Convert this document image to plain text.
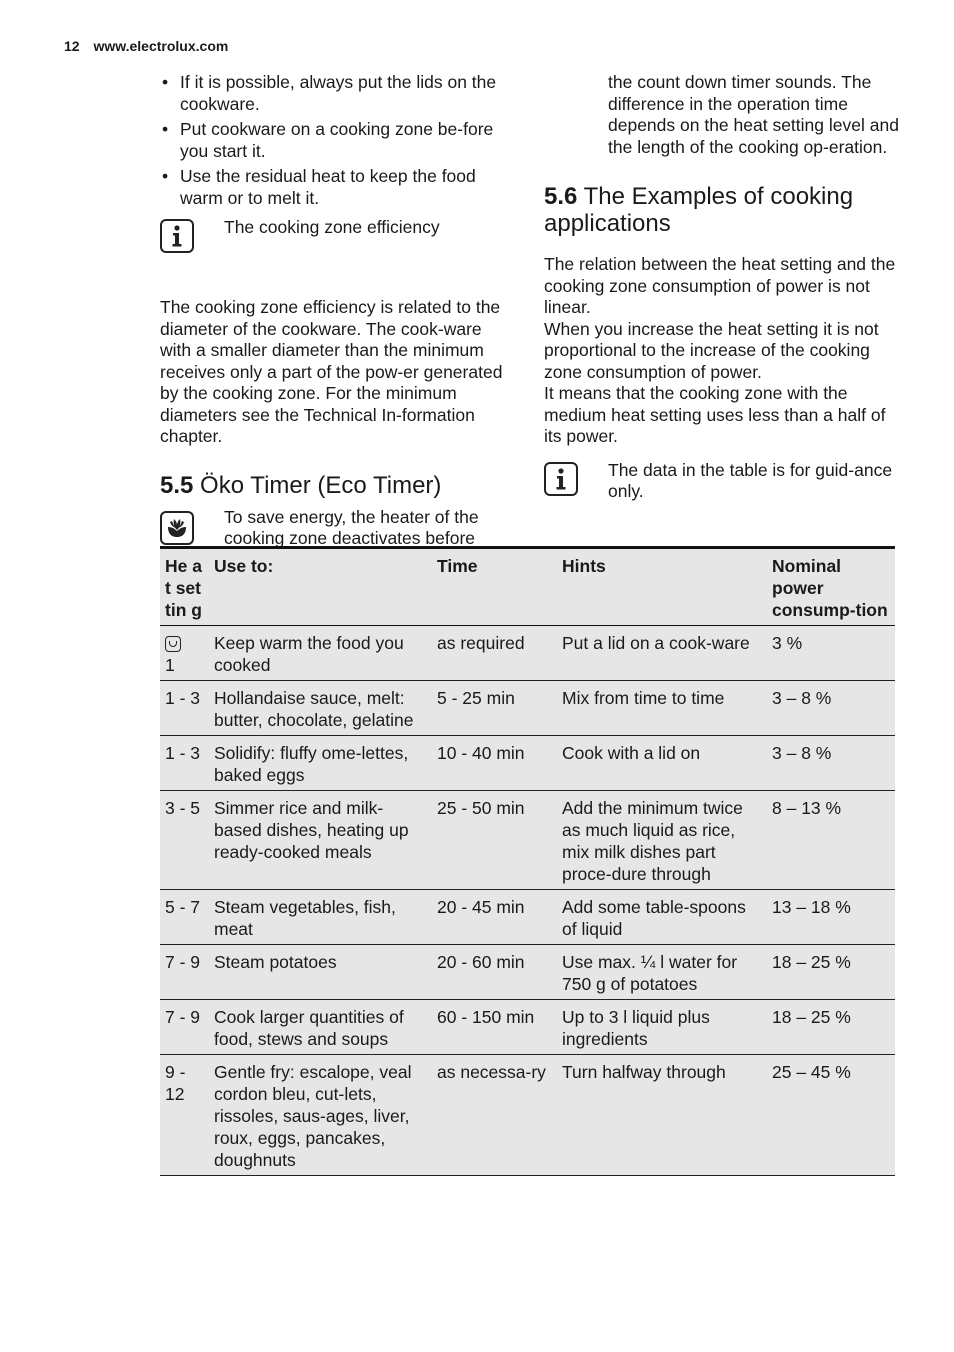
12 www.electrolux.com
• If it is possible, always put the lids on the cookware.
• Put cookware on a cooking zone be-fore you start it.
• Use the residual heat to keep the food warm or to melt it.
The cooking zone efficiency

The cooking zone efficiency is related to the diameter of the cookware. The cook-ware with a smaller diameter than the minimum receives only a part of the pow-er generated by the cooking zone. For the minimum diameters see the Technical In-formation chapter.

5.5 Öko Timer (Eco Timer)
To save energy, the heater of the cooking zone deactivates before

the count down timer sounds. The difference in the operation time depends on the heat setting level and the length of the cooking op-eration.

5.6 The Examples of cooking applications

The relation between the heat setting and the cooking zone consumption of power is not linear.

When you increase the heat setting it is not proportional to the increase of the cooking zone consumption of power.

It means that the cooking zone with the medium heat setting uses less than a half of its power.

The data in the table is for guid-ance only.
He at set tin g	Use to:	Time	Hints	Nominal power consump-tion

1	Keep warm the food you cooked	as required	Put a lid on a cook-ware	3 %
1 - 3	Hollandaise sauce, melt: butter, chocolate, gelatine	5 - 25 min	Mix from time to time	3 – 8 %
1 - 3	Solidify: fluffy ome-lettes, baked eggs	10 - 40 min	Cook with a lid on	3 – 8 %
3 - 5	Simmer rice and milk-based dishes, heating up ready-cooked meals	25 - 50 min	Add the minimum twice as much liquid as rice, mix milk dishes part proce-dure through	8 – 13 %
5 - 7	Steam vegetables, fish, meat	20 - 45 min	Add some table-spoons of liquid	13 – 18 %
7 - 9	Steam potatoes	20 - 60 min	Use max. ¼ l water for 750 g of potatoes	18 – 25 %
7 - 9	Cook larger quantities of food, stews and soups	60 - 150 min	Up to 3 l liquid plus ingredients	18 – 25 %
9 - 12	Gentle fry: escalope, veal cordon bleu, cut-lets, rissoles, saus-ages, liver, roux, eggs, pancakes, doughnuts	as necessa-ry	Turn halfway through	25 – 45 %
